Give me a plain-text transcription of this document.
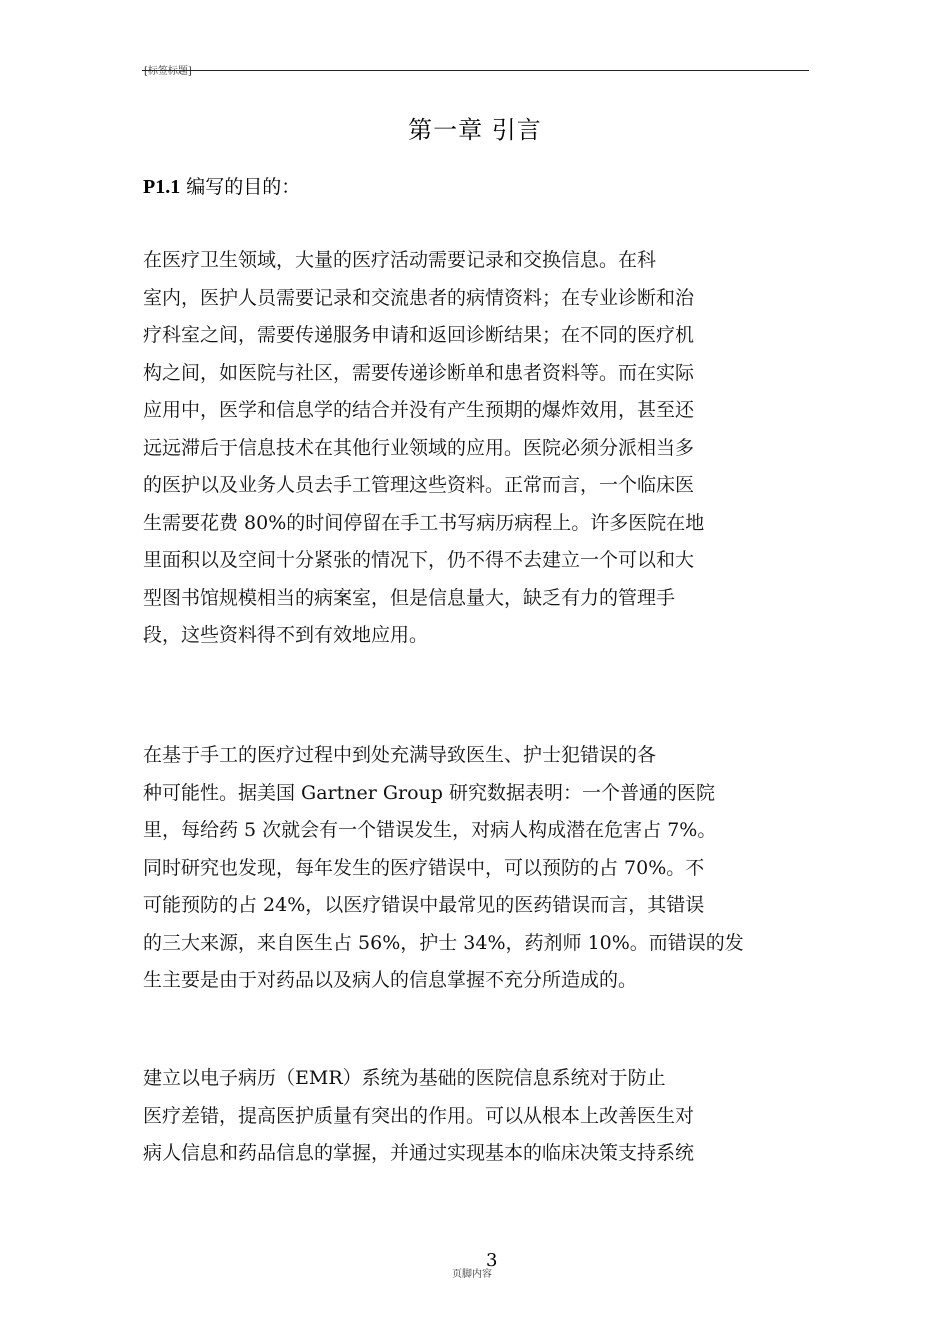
[标签标题]
第一章 引言
P1.1 编写的目的：
在医疗卫生领域，大量的医疗活动需要记录和交换信息。在科
室内，医护人员需要记录和交流患者的病情资料；在专业诊断和治
疗科室之间，需要传递服务申请和返回诊断结果；在不同的医疗机
构之间，如医院与社区，需要传递诊断单和患者资料等。而在实际
应用中，医学和信息学的结合并没有产生预期的爆炸效用，甚至还
远远滞后于信息技术在其他行业领域的应用。医院必须分派相当多
的医护以及业务人员去手工管理这些资料。正常而言，一个临床医
生需要花费 80%的时间停留在手工书写病历病程上。许多医院在地
里面积以及空间十分紧张的情况下，仍不得不去建立一个可以和大
型图书馆规模相当的病案室，但是信息量大，缺乏有力的管理手
段，这些资料得不到有效地应用。
在基于手工的医疗过程中到处充满导致医生、护士犯错误的各
种可能性。据美国 Gartner Group 研究数据表明：一个普通的医院
里，每给药 5 次就会有一个错误发生，对病人构成潜在危害占 7%。
同时研究也发现，每年发生的医疗错误中，可以预防的占 70%。不
可能预防的占 24%，以医疗错误中最常见的医药错误而言，其错误
的三大来源，来自医生占 56%，护士 34%，药剂师 10%。而错误的发
生主要是由于对药品以及病人的信息掌握不充分所造成的。
建立以电子病历（EMR）系统为基础的医院信息系统对于防止
医疗差错，提高医护质量有突出的作用。可以从根本上改善医生对
病人信息和药品信息的掌握，并通过实现基本的临床决策支持系统
页脚内容
3
